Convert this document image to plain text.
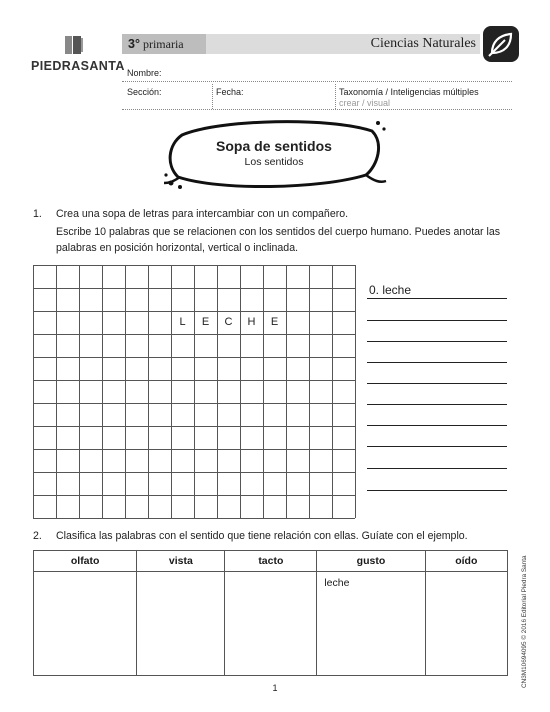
PIEDRASANTA
3° primaria	Ciencias Naturales
Nombre:
Sección:	Fecha:	Taxonomía / Inteligencias múltiples
crear / visual
Sopa de sentidos
Los sentidos
1. Crea una sopa de letras para intercambiar con un compañero.
Escribe 10 palabras que se relacionen con los sentidos del cuerpo humano. Puedes anotar las palabras en posición horizontal, vertical o inclinada.
L	E	C	H	E
0. leche
2. Clasifica las palabras con el sentido que tiene relación con ellas. Guíate con el ejemplo.
olfato	vista	tacto	gusto	oído
			leche		CN3M10694095 © 2016 Editorial Piedra Santa
1
